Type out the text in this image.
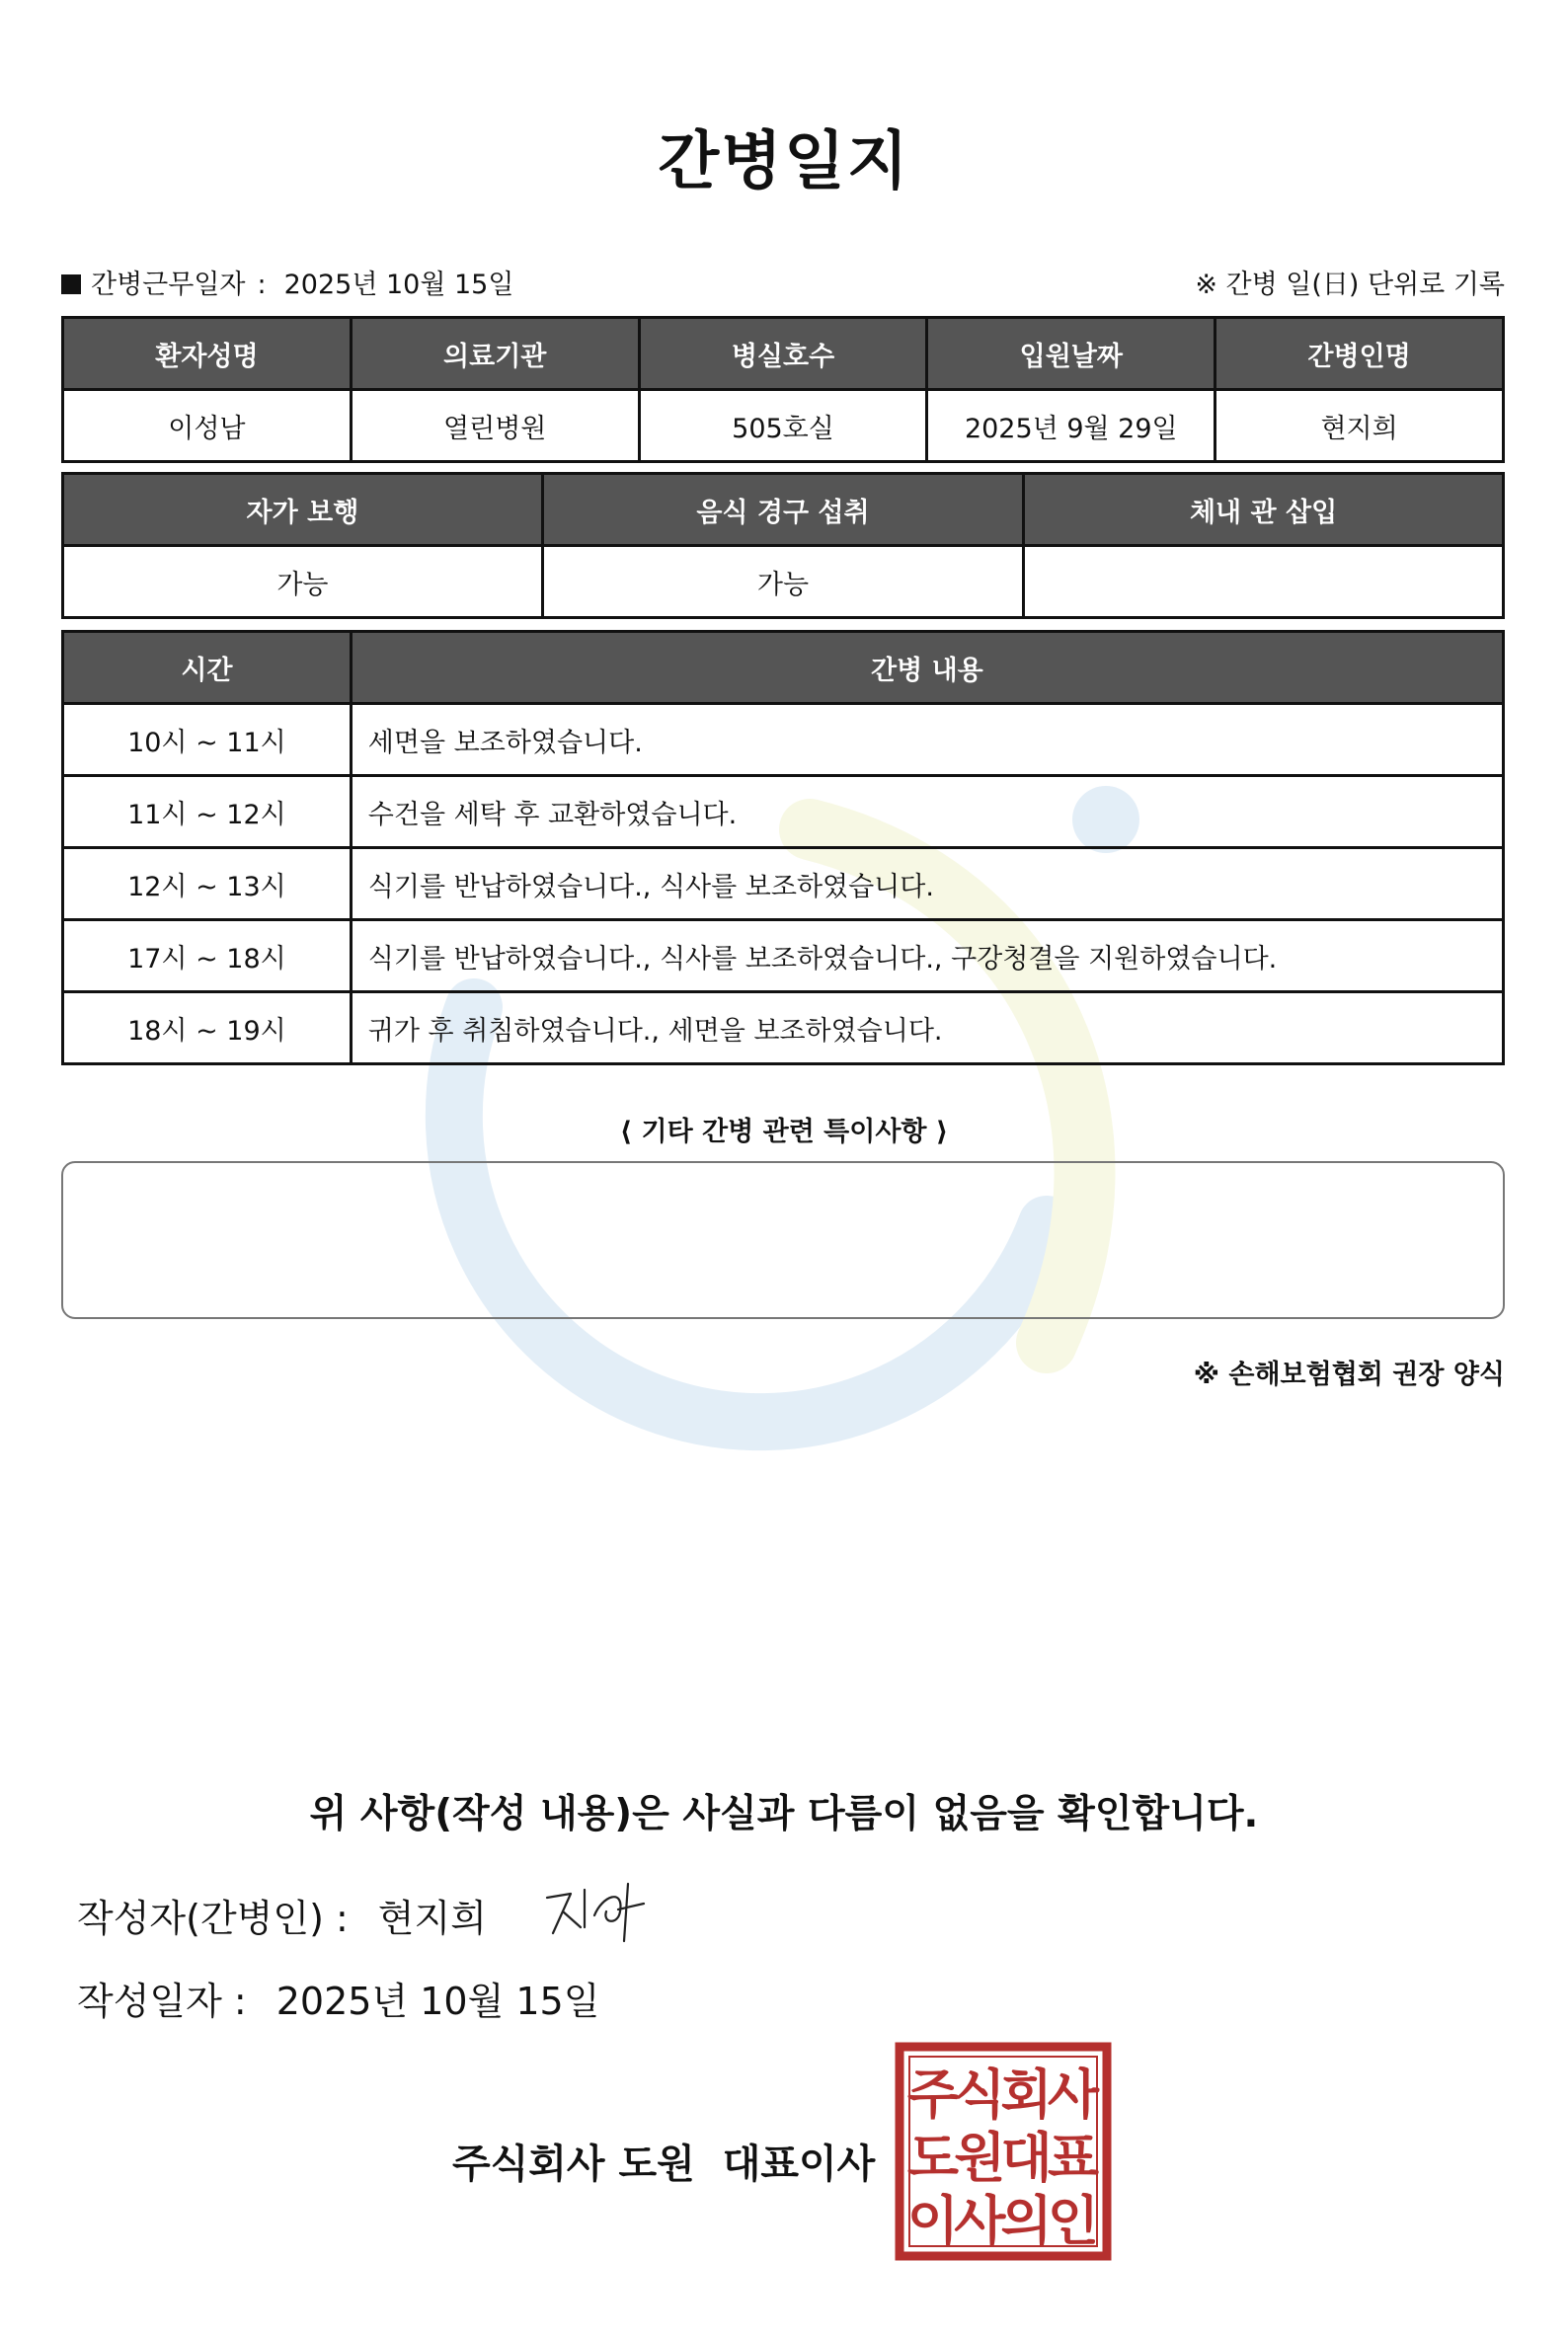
간병일지
간병근무일자 : 2025년 10월 15일	※ 간병 일(日) 단위로 기록
환자성명	의료기관	병실호수	입원날짜	간병인명
이성남	열린병원	505호실	2025년 9월 29일	현지희
자가 보행	음식 경구 섭취	체내 관 삽입
가능	가능	
시간	간병 내용
10시 ~ 11시	세면을 보조하였습니다.
11시 ~ 12시	수건을 세탁 후 교환하였습니다.
12시 ~ 13시	식기를 반납하였습니다., 식사를 보조하였습니다.
17시 ~ 18시	식기를 반납하였습니다., 식사를 보조하였습니다., 구강청결을 지원하였습니다.
18시 ~ 19시	귀가 후 취침하였습니다., 세면을 보조하였습니다.
⟨ 기타 간병 관련 특이사항 ⟩
※ 손해보험협회 권장 양식
위 사항(작성 내용)은 사실과 다름이 없음을 확인합니다.
작성자(간병인) : 현지희
작성일자 : 2025년 10월 15일
주식회사 도원 대표이사
주
식
회
사
도
원
대
표
이
사
의
인
